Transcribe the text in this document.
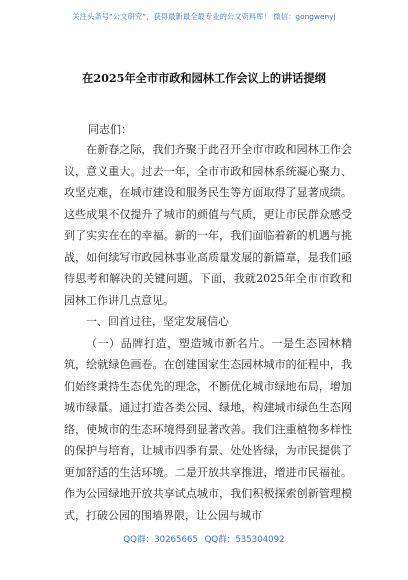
关注头条号“公文研究”，获得最新最全最专业的公文资料库！ 微信：gongwenyj
在2025年全市市政和园林工作会议上的讲话提纲
同志们：

在新春之际，我们齐聚于此召开全市市政和园林工作会议，意义重大。过去一年，全市市政和园林系统凝心聚力、攻坚克难，在城市建设和服务民生等方面取得了显著成绩。这些成果不仅提升了城市的颜值与气质，更让市民群众感受到了实实在在的幸福。新的一年，我们面临着新的机遇与挑战，如何续写市政园林事业高质量发展的新篇章，是我们亟待思考和解决的关键问题。下面，我就2025年全市市政和园林工作讲几点意见。

一、回首过往，坚定发展信心

（一）品牌打造，塑造城市新名片。一是生态园林精筑，绘就绿色画卷。在创建国家生态园林城市的征程中，我们始终秉持生态优先的理念，不断优化城市绿地布局，增加城市绿量。通过打造各类公园、绿地，构建城市绿色生态网络，使城市的生态环境得到显著改善。我们注重植物多样性的保护与培育，让城市四季有景、处处皆绿，为市民提供了更加舒适的生活环境。二是开放共享推进，增进市民福祉。作为公园绿地开放共享试点城市，我们积极探索创新管理模式，打破公园的围墙界限，让公园与城市

QQ群：30265665 QQ群：535304092
